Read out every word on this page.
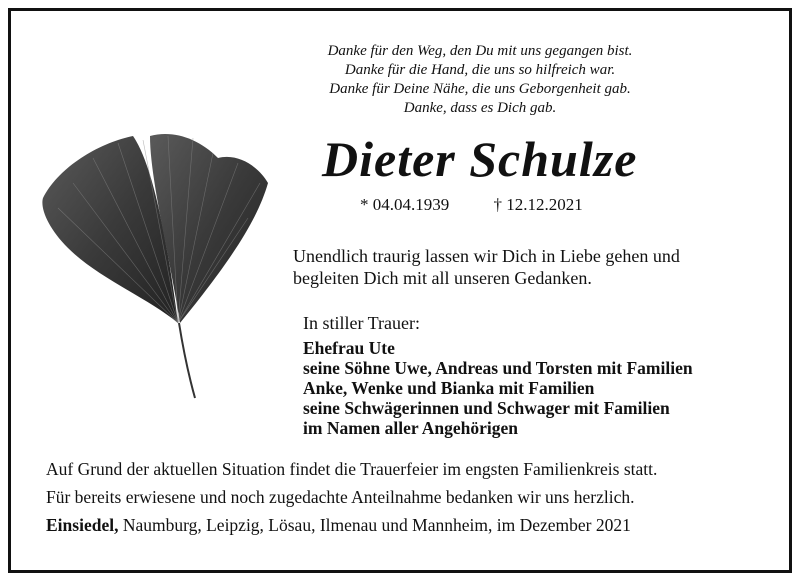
Danke für den Weg, den Du mit uns gegangen bist.
Danke für die Hand, die uns so hilfreich war.
Danke für Deine Nähe, die uns Geborgenheit gab.
Danke, dass es Dich gab.
Dieter Schulze
* 04.04.1939	† 12.12.2021
Unendlich traurig lassen wir Dich in Liebe gehen und
begleiten Dich mit all unseren Gedanken.
In stiller Trauer:
Ehefrau Ute
seine Söhne Uwe, Andreas und Torsten mit Familien
Anke, Wenke und Bianka mit Familien
seine Schwägerinnen und Schwager mit Familien
im Namen aller Angehörigen
Auf Grund der aktuellen Situation findet die Trauerfeier im engsten Familienkreis statt.
Für bereits erwiesene und noch zugedachte Anteilnahme bedanken wir uns herzlich.
Einsiedel, Naumburg, Leipzig, Lösau, Ilmenau und Mannheim, im Dezember 2021
